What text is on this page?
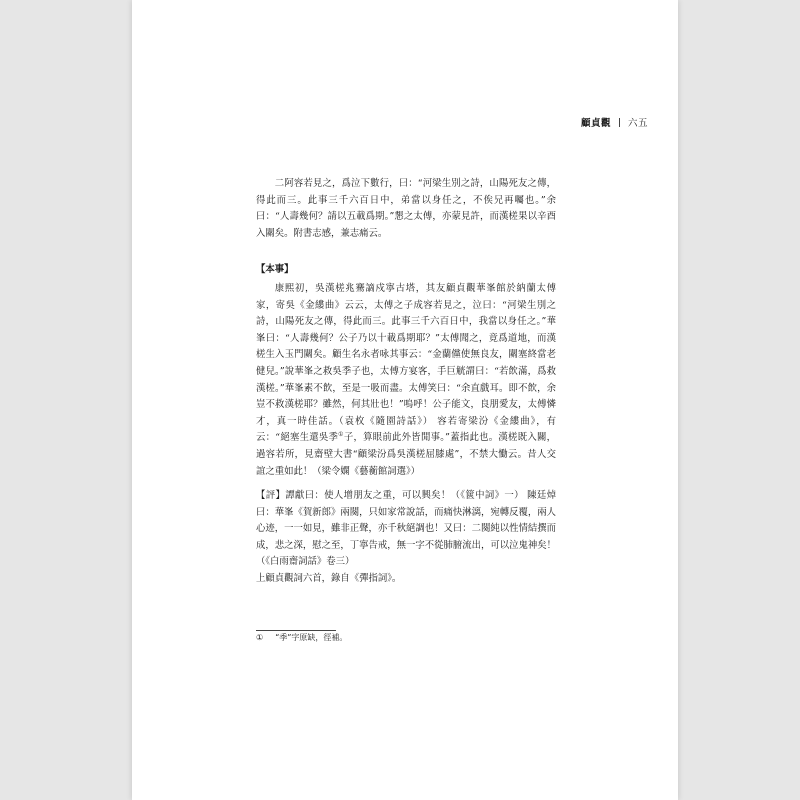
顧貞觀 六五

二阿容若見之，爲泣下數行，曰：“河梁生別之詩，山陽死友之傳，得此而三。此事三千六百日中，弟當以身任之，不俟兄再囑也。”余曰：“人壽幾何？請以五載爲期。”懇之太傅，亦蒙見許，而漢槎果以辛酉入關矣。附書志感，兼志痛云。

【本事】

康熙初，吳漢槎兆騫謫戍寧古塔，其友顧貞觀華峯館於納蘭太傅家，寄吳《金縷曲》云云，太傅之子成容若見之，泣曰：“河梁生別之詩，山陽死友之傳，得此而三。此事三千六百日中，我當以身任之。”華峯曰：“人壽幾何？公子乃以十載爲期耶？”太傅聞之，竟爲道地，而漢槎生入玉門關矣。顧生名永者咏其事云：“金蘭儻使無良友，關塞終當老健兒。”說華峯之救吳季子也，太傅方宴客，手巨觥謂曰：“若飲滿，爲救漢槎。”華峯素不飲，至是一吸而盡。太傅笑曰：“余直戲耳。即不飲，余豈不救漢槎耶？雖然，何其壯也！”嗚呼！公子能文，良朋愛友，太傅憐才，真一時佳話。（袁枚《隨園詩話》） 容若寄梁汾《金縷曲》，有云：“絕塞生還吳季①子，算眼前此外皆閒事。”蓋指此也。漢槎既入關，過容若所，見齋壁大書“顧梁汾爲吳漢槎屈膝處”，不禁大慟云。昔人交誼之重如此！（梁令嫻《藝蘅館詞選》）

【評】譚獻曰：使人增朋友之重，可以興矣！（《篋中詞》一） 陳廷焯曰：華峯《賀新郎》兩闋，只如家常說話，而痛快淋漓，宛轉反覆，兩人心迹，一一如見，雖非正聲，亦千秋絕調也！又曰：二闋純以性情結撰而成，悲之深，慰之至，丁寧告戒，無一字不從肺腑流出，可以泣鬼神矣！（《白雨齋詞話》卷三）

上顧貞觀詞六首，錄自《彈指詞》。

① “季”字原缺，徑補。
